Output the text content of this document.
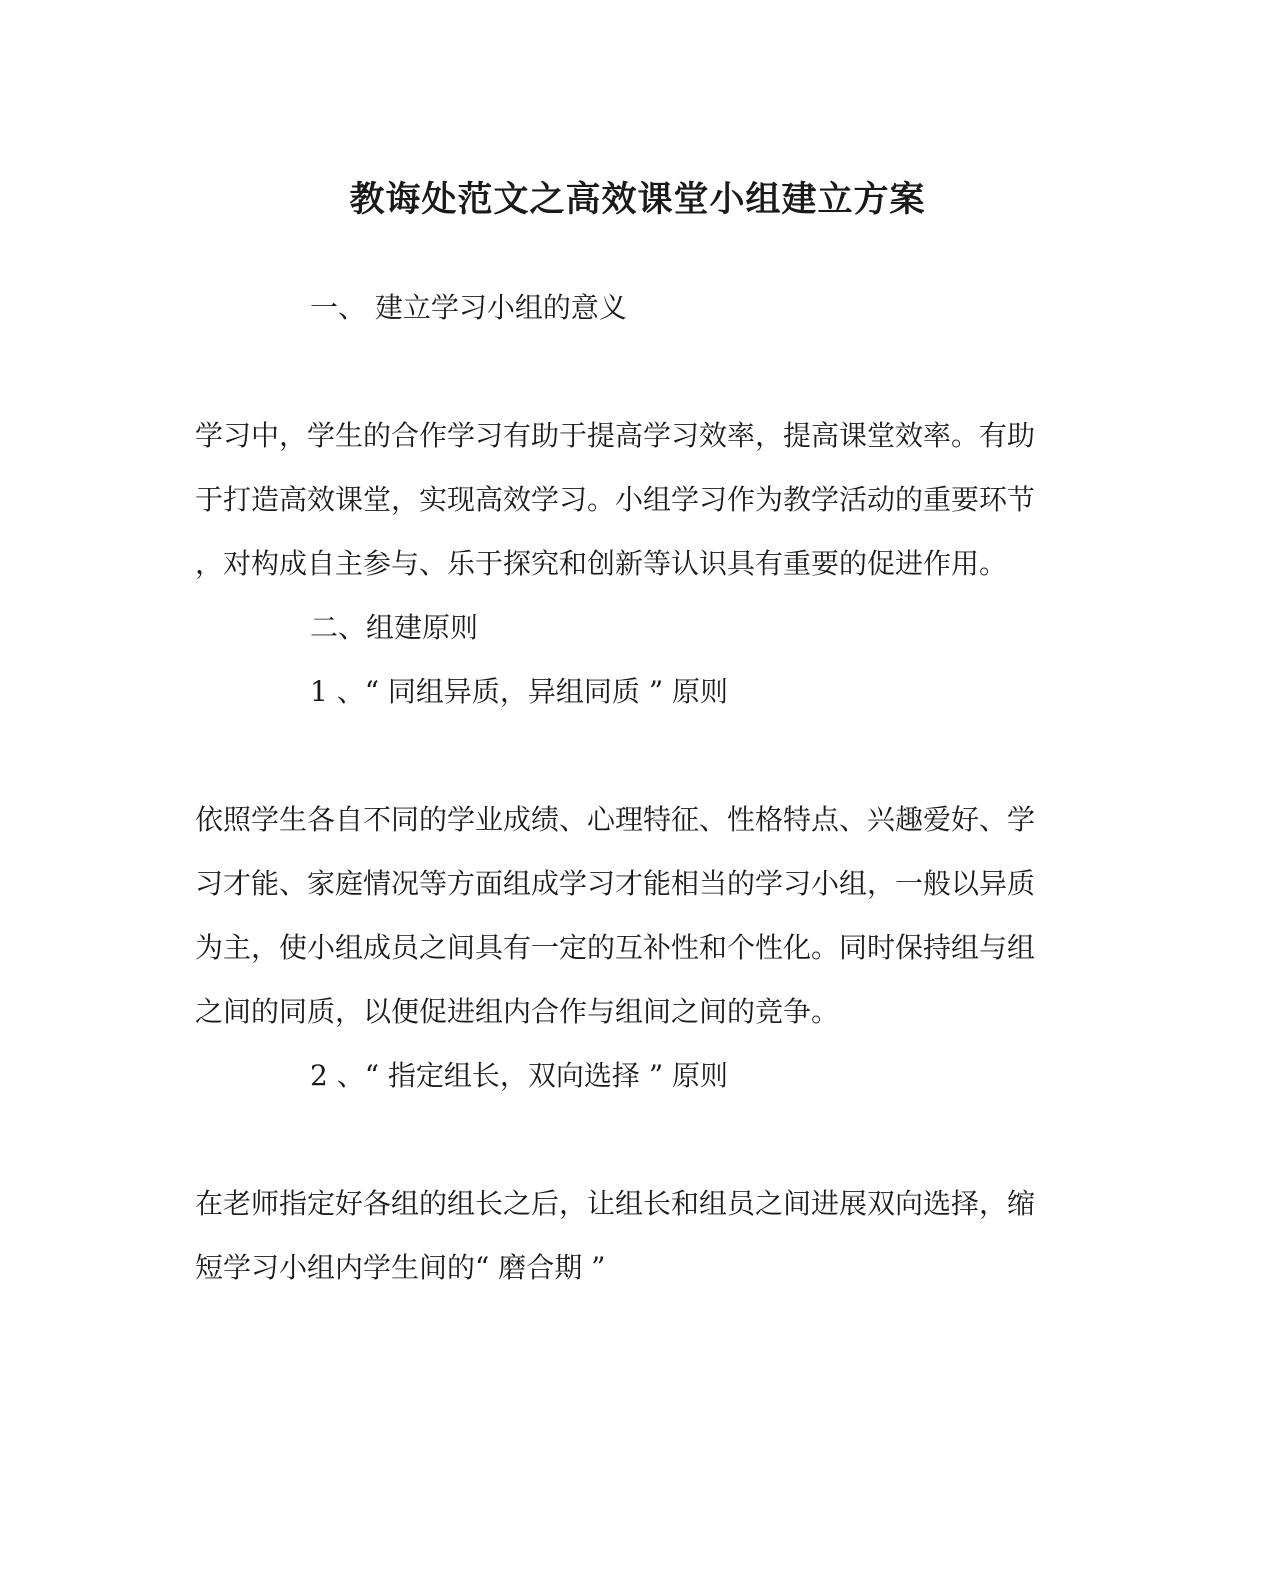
教诲处范文之高效课堂小组建立方案
一、 建立学习小组的意义
学习中，学生的合作学习有助于提高学习效率，提高课堂效率。有助
于打造高效课堂，实现高效学习。小组学习作为教学活动的重要环节
，对构成自主参与、乐于探究和创新等认识具有重要的促进作用。
二、组建原则
1 、“ 同组异质，异组同质 ” 原则
依照学生各自不同的学业成绩、心理特征、性格特点、兴趣爱好、学
习才能、家庭情况等方面组成学习才能相当的学习小组，一般以异质
为主，使小组成员之间具有一定的互补性和个性化。同时保持组与组
之间的同质，以便促进组内合作与组间之间的竞争。
2 、“ 指定组长，双向选择 ” 原则
在老师指定好各组的组长之后，让组长和组员之间进展双向选择，缩
短学习小组内学生间的“ 磨合期 ”
